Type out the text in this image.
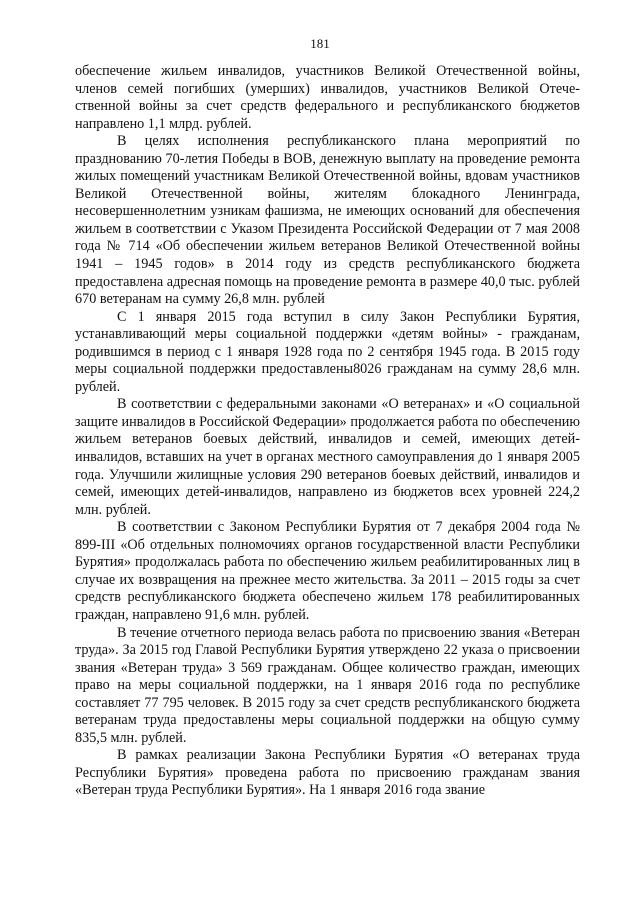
181

обеспечение жильем инвалидов, участников Великой Отечественной войны, членов семей погибших (умерших) инвалидов, участников Великой Отечественной войны за счет средств федерального и республиканского бюджетов направлено 1,1 млрд. рублей.

В целях исполнения республиканского плана мероприятий по празднованию 70-летия Победы в ВОВ, денежную выплату на проведение ремонта жилых помещений участникам Великой Отечественной войны, вдовам участников Великой Отечественной войны, жителям блокадного Ленинграда, несовершеннолетним узникам фашизма, не имеющих оснований для обеспечения жильем в соответствии с Указом Президента Российской Федерации от 7 мая 2008 года № 714 «Об обеспечении жильем ветеранов Великой Отечественной войны 1941 – 1945 годов» в 2014 году из средств республиканского бюджета предоставлена адресная помощь на проведение ремонта в размере 40,0 тыс. рублей 670 ветеранам на сумму 26,8 млн. рублей

С 1 января 2015 года вступил в силу Закон Республики Бурятия, устанавливающий меры социальной поддержки «детям войны» - гражданам, родившимся в период с 1 января 1928 года по 2 сентября 1945 года. В 2015 году меры социальной поддержки предоставлены8026 гражданам на сумму 28,6 млн. рублей.

В соответствии с федеральными законами «О ветеранах» и «О социальной защите инвалидов в Российской Федерации» продолжается работа по обеспечению жильем ветеранов боевых действий, инвалидов и семей, имеющих детей-инвалидов, вставших на учет в органах местного самоуправления до 1 января 2005 года. Улучшили жилищные условия 290 ветеранов боевых действий, инвалидов и семей, имеющих детей-инвалидов, направлено из бюджетов всех уровней 224,2 млн. рублей.

В соответствии с Законом Республики Бурятия от 7 декабря 2004 года № 899-III «Об отдельных полномочиях органов государственной власти Республики Бурятия» продолжалась работа по обеспечению жильем реабилитированных лиц в случае их возвращения на прежнее место жительства. За 2011 – 2015 годы за счет средств республиканского бюджета обеспечено жильем 178 реабилитированных граждан, направлено 91,6 млн. рублей.

В течение отчетного периода велась работа по присвоению звания «Ветеран труда». За 2015 год Главой Республики Бурятия утверждено 22 указа о присвоении звания «Ветеран труда» 3 569 гражданам. Общее количество граждан, имеющих право на меры социальной поддержки, на 1 января 2016 года по республике составляет 77 795 человек. В 2015 году за счет средств республиканского бюджета ветеранам труда предоставлены меры социальной поддержки на общую сумму 835,5 млн. рублей.

В рамках реализации Закона Республики Бурятия «О ветеранах труда Республики Бурятия» проведена работа по присвоению гражданам звания «Ветеран труда Республики Бурятия». На 1 января 2016 года звание
